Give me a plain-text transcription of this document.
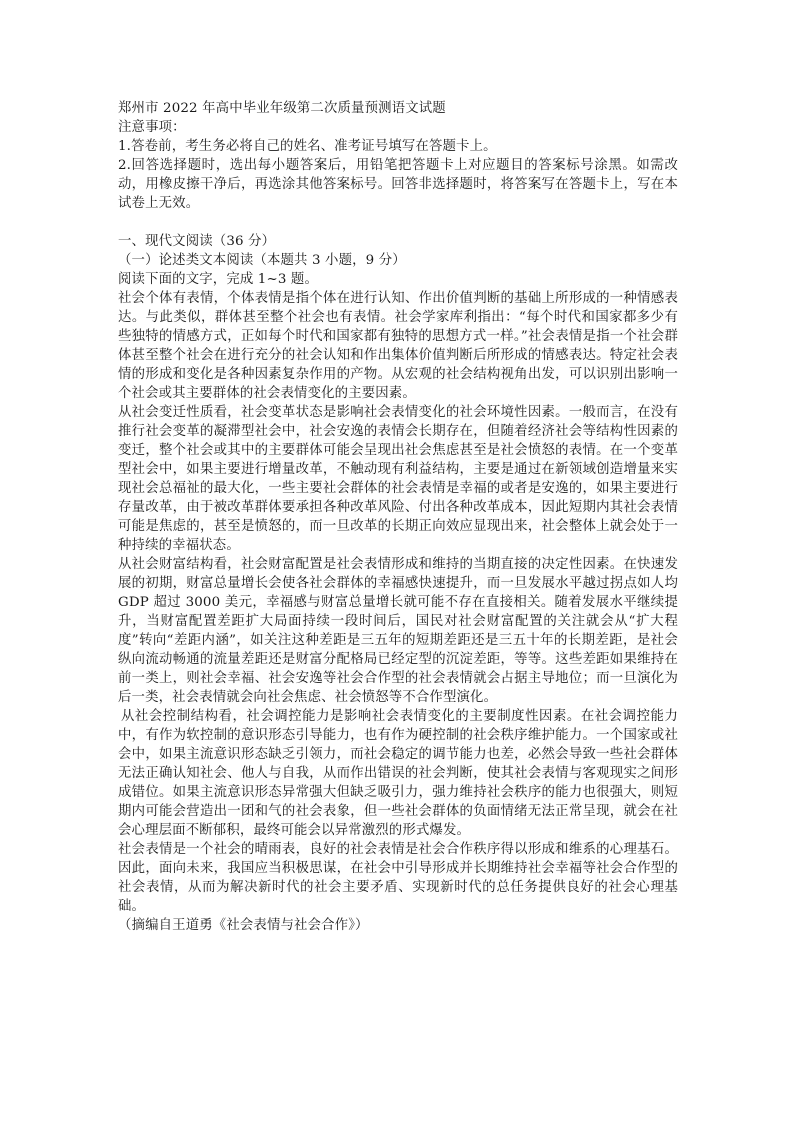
郑州市 2022 年高中毕业年级第二次质量预测语文试题

注意事项：

1.答卷前，考生务必将自己的姓名、准考证号填写在答题卡上。

2.回答选择题时，选出每小题答案后，用铅笔把答题卡上对应题目的答案标号涂黑。如需改动，用橡皮擦干净后，再选涂其他答案标号。回答非选择题时，将答案写在答题卡上，写在本试卷上无效。

一、现代文阅读（36 分）

（一）论述类文本阅读（本题共 3 小题，9 分）

阅读下面的文字，完成 1~3 题。

社会个体有表情，个体表情是指个体在进行认知、作出价值判断的基础上所形成的一种情感表达。与此类似，群体甚至整个社会也有表情。社会学家库利指出：“每个时代和国家都多少有些独特的情感方式，正如每个时代和国家都有独特的思想方式一样。”社会表情是指一个社会群体甚至整个社会在进行充分的社会认知和作出集体价值判断后所形成的情感表达。特定社会表情的形成和变化是各种因素复杂作用的产物。从宏观的社会结构视角出发，可以识别出影响一个社会或其主要群体的社会表情变化的主要因素。

从社会变迁性质看，社会变革状态是影响社会表情变化的社会环境性因素。一般而言，在没有推行社会变革的凝滞型社会中，社会安逸的表情会长期存在，但随着经济社会等结构性因素的变迁，整个社会或其中的主要群体可能会呈现出社会焦虑甚至是社会愤怒的表情。在一个变革型社会中，如果主要进行增量改革，不触动现有利益结构，主要是通过在新领域创造增量来实现社会总福祉的最大化，一些主要社会群体的社会表情是幸福的或者是安逸的，如果主要进行存量改革，由于被改革群体要承担各种改革风险、付出各种改革成本，因此短期内其社会表情可能是焦虑的，甚至是愤怒的，而一旦改革的长期正向效应显现出来，社会整体上就会处于一种持续的幸福状态。

从社会财富结构看，社会财富配置是社会表情形成和维持的当期直接的决定性因素。在快速发展的初期，财富总量增长会使各社会群体的幸福感快速提升，而一旦发展水平越过拐点如人均 GDP 超过 3000 美元，幸福感与财富总量增长就可能不存在直接相关。随着发展水平继续提升，当财富配置差距扩大局面持续一段时间后，国民对社会财富配置的关注就会从“扩大程度”转向“差距内涵”，如关注这种差距是三五年的短期差距还是三五十年的长期差距，是社会纵向流动畅通的流量差距还是财富分配格局已经定型的沉淀差距，等等。这些差距如果维持在前一类上，则社会幸福、社会安逸等社会合作型的社会表情就会占据主导地位；而一旦演化为后一类，社会表情就会向社会焦虑、社会愤怒等不合作型演化。

从社会控制结构看，社会调控能力是影响社会表情变化的主要制度性因素。在社会调控能力中，有作为软控制的意识形态引导能力，也有作为硬控制的社会秩序维护能力。一个国家或社会中，如果主流意识形态缺乏引领力，而社会稳定的调节能力也差，必然会导致一些社会群体无法正确认知社会、他人与自我，从而作出错误的社会判断，使其社会表情与客观现实之间形成错位。如果主流意识形态异常强大但缺乏吸引力，强力维持社会秩序的能力也很强大，则短期内可能会营造出一团和气的社会表象，但一些社会群体的负面情绪无法正常呈现，就会在社会心理层面不断郁积，最终可能会以异常激烈的形式爆发。

社会表情是一个社会的晴雨表，良好的社会表情是社会合作秩序得以形成和维系的心理基石。因此，面向未来，我国应当积极思谋，在社会中引导形成并长期维持社会幸福等社会合作型的社会表情，从而为解决新时代的社会主要矛盾、实现新时代的总任务提供良好的社会心理基础。

（摘编自王道勇《社会表情与社会合作》）
